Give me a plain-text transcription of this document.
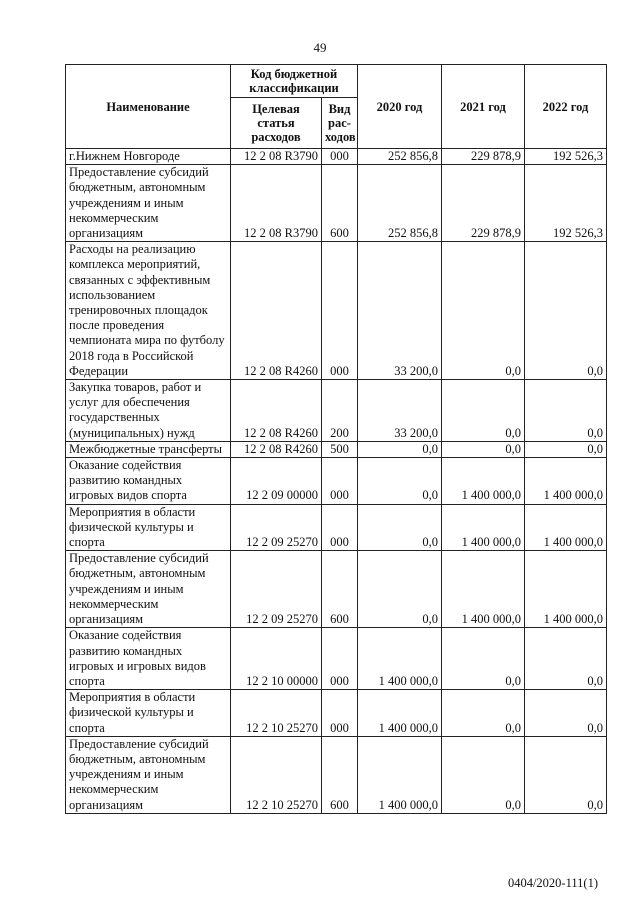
49
Наименование	Код бюджетной классификации		2020 год	2021 год	2022 год
	Целевая статья расходов	Вид рас-ходов			
г.Нижнем Новгороде	12 2 08 R3790	000	252 856,8	229 878,9	192 526,3
Предоставление субсидий бюджетным, автономным учреждениям и иным некоммерческим организациям	12 2 08 R3790	600	252 856,8	229 878,9	192 526,3
Расходы на реализацию комплекса мероприятий, связанных с эффективным использованием тренировочных площадок после проведения чемпионата мира по футболу 2018 года в Российской Федерации	12 2 08 R4260	000	33 200,0	0,0	0,0
Закупка товаров, работ и услуг для обеспечения государственных (муниципальных) нужд	12 2 08 R4260	200	33 200,0	0,0	0,0
Межбюджетные трансферты	12 2 08 R4260	500	0,0	0,0	0,0
Оказание содействия развитию командных игровых видов спорта	12 2 09 00000	000	0,0	1 400 000,0	1 400 000,0
Мероприятия в области физической культуры и спорта	12 2 09 25270	000	0,0	1 400 000,0	1 400 000,0
Предоставление субсидий бюджетным, автономным учреждениям и иным некоммерческим организациям	12 2 09 25270	600	0,0	1 400 000,0	1 400 000,0
Оказание содействия развитию командных игровых и игровых видов спорта	12 2 10 00000	000	1 400 000,0	0,0	0,0
Мероприятия в области физической культуры и спорта	12 2 10 25270	000	1 400 000,0	0,0	0,0
Предоставление субсидий бюджетным, автономным учреждениям и иным некоммерческим организациям	12 2 10 25270	600	1 400 000,0	0,0	0,0
0404/2020-111(1)
